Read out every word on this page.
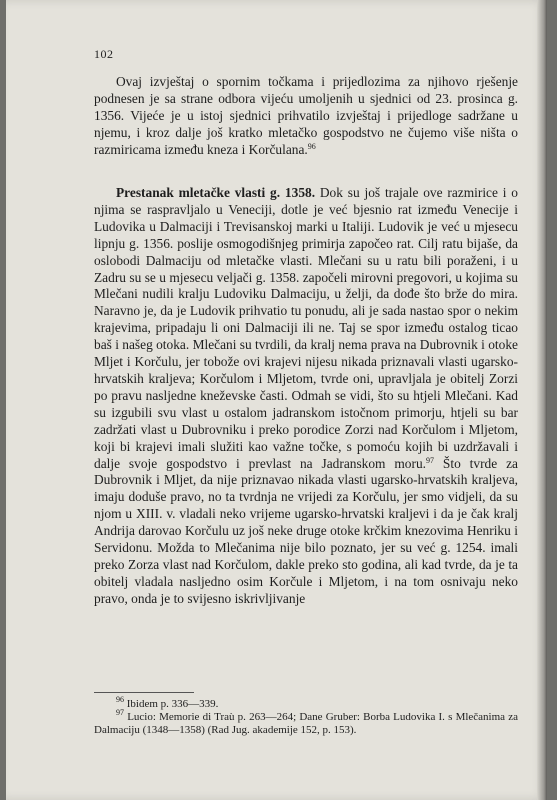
102

Ovaj izvještaj o spornim točkama i prijedlozima za njihovo rješenje podnesen je sa strane odbora vijeću umoljenih u sjednici od 23. prosinca g. 1356. Vijeće je u istoj sjednici prihvatilo izvještaj i prijedloge sadržane u njemu, i kroz dalje još kratko mletačko gospodstvo ne čujemo više ništa o razmiricama između kneza i Korčulana.$^{96}$

Prestanak mletačke vlasti g. 1358. Dok su još trajale ove razmirice i o njima se raspravljalo u Veneciji, dotle je već bjesnio rat između Venecije i Ludovika u Dalmaciji i Trevisanskoj marki u Italiji. Ludovik je već u mjesecu lipnju g. 1356. poslije osmogodišnjeg primirja započeo rat. Cilj ratu bijaše, da oslobodi Dalmaciju od mletačke vlasti. Mlečani su u ratu bili poraženi, i u Zadru su se u mjesecu veljači g. 1358. započeli mirovni pregovori, u kojima su Mlečani nudili kralju Ludoviku Dalmaciju, u želji, da dođe što brže do mira. Naravno je, da je Ludovik prihvatio tu ponudu, ali je sada nastao spor o nekim krajevima, pripadaju li oni Dalmaciji ili ne. Taj se spor između ostalog ticao baš i našeg otoka. Mlečani su tvrdili, da kralj nema prava na Dubrovnik i otoke Mljet i Korčulu, jer tobože ovi krajevi nijesu nikada priznavali vlasti ugarsko-hrvatskih kraljeva; Korčulom i Mljetom, tvrde oni, upravljala je obitelj Zorzi po pravu nasljedne kneževske časti. Odmah se vidi, što su htjeli Mlečani. Kad su izgubili svu vlast u ostalom jadranskom istočnom primorju, htjeli su bar zadržati vlast u Dubrovniku i preko porodice Zorzi nad Korčulom i Mljetom, koji bi krajevi imali služiti kao važne točke, s pomoću kojih bi uzdržavali i dalje svoje gospodstvo i prevlast na Jadranskom moru.$^{97}$ Što tvrde za Dubrovnik i Mljet, da nije priznavao nikada vlasti ugarsko-hrvatskih kraljeva, imaju doduše pravo, no ta tvrdnja ne vrijedi za Korčulu, jer smo vidjeli, da su njom u XIII. v. vladali neko vrijeme ugarsko-hrvatski kraljevi i da je čak kralj Andrija darovao Korčulu uz još neke druge otoke krčkim knezovima Henriku i Servidonu. Možda to Mlečanima nije bilo poznato, jer su već g. 1254. imali preko Zorza vlast nad Korčulom, dakle preko sto godina, ali kad tvrde, da je ta obitelj vladala nasljedno osim Korčule i Mljetom, i na tom osnivaju neko pravo, onda je to svijesno iskrivljivanje

$^{96}$ Ibidem p. 336—339.

$^{97}$ Lucio: Memorie di Traù p. 263—264; Dane Gruber: Borba Ludovika I. s Mlečanima za Dalmaciju (1348—1358) (Rad Jug. akademije 152, p. 153).
